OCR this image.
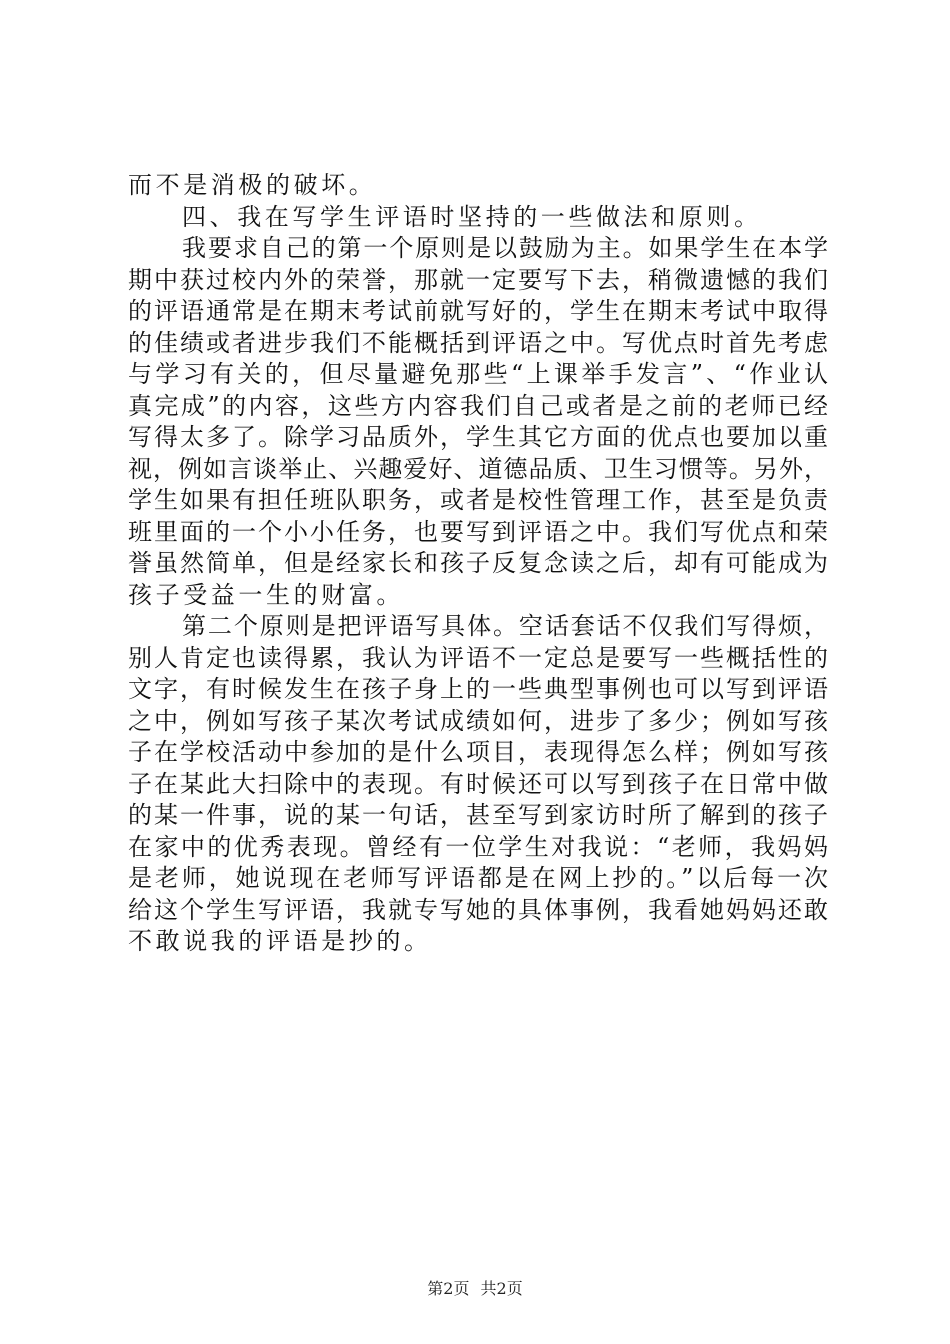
而不是消极的破坏。
四、我在写学生评语时坚持的一些做法和原则。
我要求自己的第一个原则是以鼓励为主。如果学生在本学
期中获过校内外的荣誉，那就一定要写下去，稍微遗憾的我们
的评语通常是在期末考试前就写好的，学生在期末考试中取得
的佳绩或者进步我们不能概括到评语之中。写优点时首先考虑
与学习有关的，但尽量避免那些“上课举手发言”、“作业认
真完成”的内容，这些方内容我们自己或者是之前的老师已经
写得太多了。除学习品质外，学生其它方面的优点也要加以重
视，例如言谈举止、兴趣爱好、道德品质、卫生习惯等。另外，
学生如果有担任班队职务，或者是校性管理工作，甚至是负责
班里面的一个小小任务，也要写到评语之中。我们写优点和荣
誉虽然简单，但是经家长和孩子反复念读之后，却有可能成为
孩子受益一生的财富。
第二个原则是把评语写具体。空话套话不仅我们写得烦，
别人肯定也读得累，我认为评语不一定总是要写一些概括性的
文字，有时候发生在孩子身上的一些典型事例也可以写到评语
之中，例如写孩子某次考试成绩如何，进步了多少；例如写孩
子在学校活动中参加的是什么项目，表现得怎么样；例如写孩
子在某此大扫除中的表现。有时候还可以写到孩子在日常中做
的某一件事，说的某一句话，甚至写到家访时所了解到的孩子
在家中的优秀表现。曾经有一位学生对我说：“老师，我妈妈
是老师，她说现在老师写评语都是在网上抄的。”以后每一次
给这个学生写评语，我就专写她的具体事例，我看她妈妈还敢
不敢说我的评语是抄的。
第2页 共2页
